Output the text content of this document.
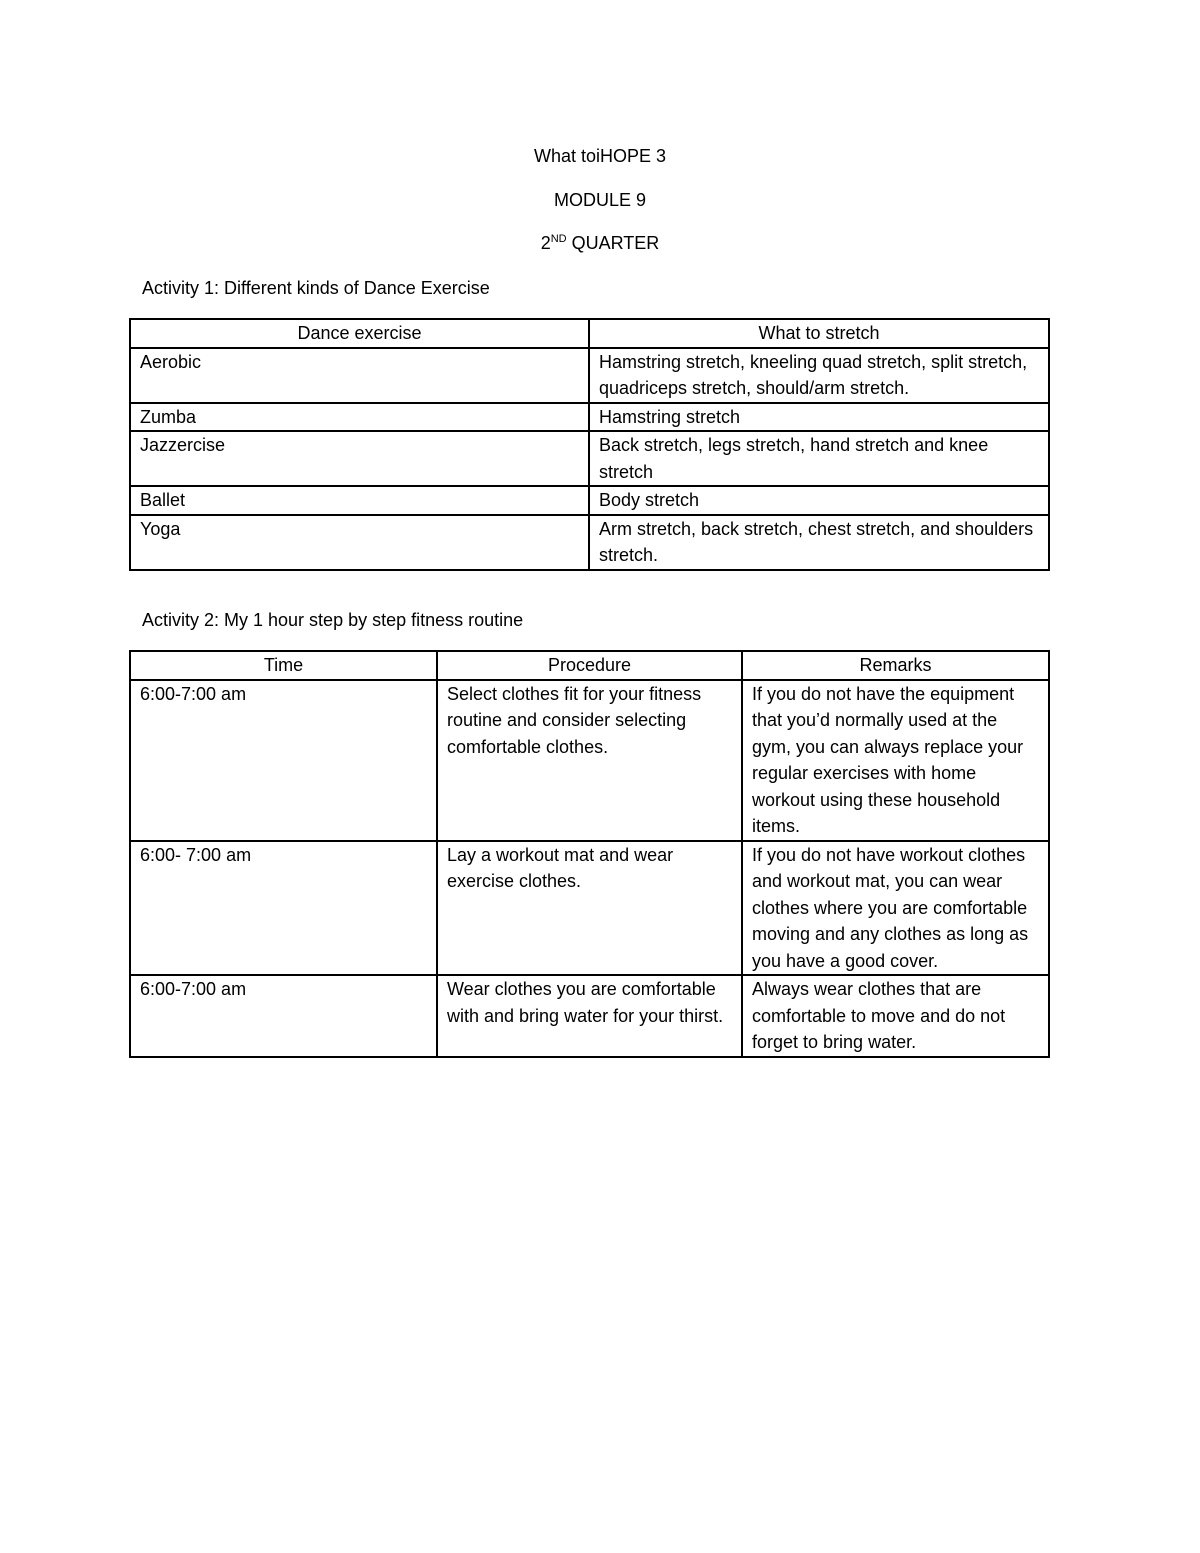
What toiHOPE 3
MODULE 9
2ND QUARTER
Activity 1: Different kinds of Dance Exercise
Dance exercise	What to stretch
Aerobic	Hamstring stretch, kneeling quad stretch, split stretch, quadriceps stretch, should/arm stretch.
Zumba	Hamstring stretch
Jazzercise	Back stretch, legs stretch, hand stretch and knee stretch
Ballet	Body stretch
Yoga	Arm stretch, back stretch, chest stretch, and shoulders stretch.
Activity 2: My 1 hour step by step fitness routine
Time	Procedure	Remarks
6:00-7:00 am	Select clothes fit for your fitness routine and consider selecting comfortable clothes.	If you do not have the equipment that you’d normally used at the gym, you can always replace your regular exercises with home workout using these household items.
6:00- 7:00 am	Lay a workout mat and wear exercise clothes.	If you do not have workout clothes and workout mat, you can wear clothes where you are comfortable moving and any clothes as long as you have a good cover.
6:00-7:00 am	Wear clothes you are comfortable with and bring water for your thirst.	Always wear clothes that are comfortable to move and do not forget to bring water.
